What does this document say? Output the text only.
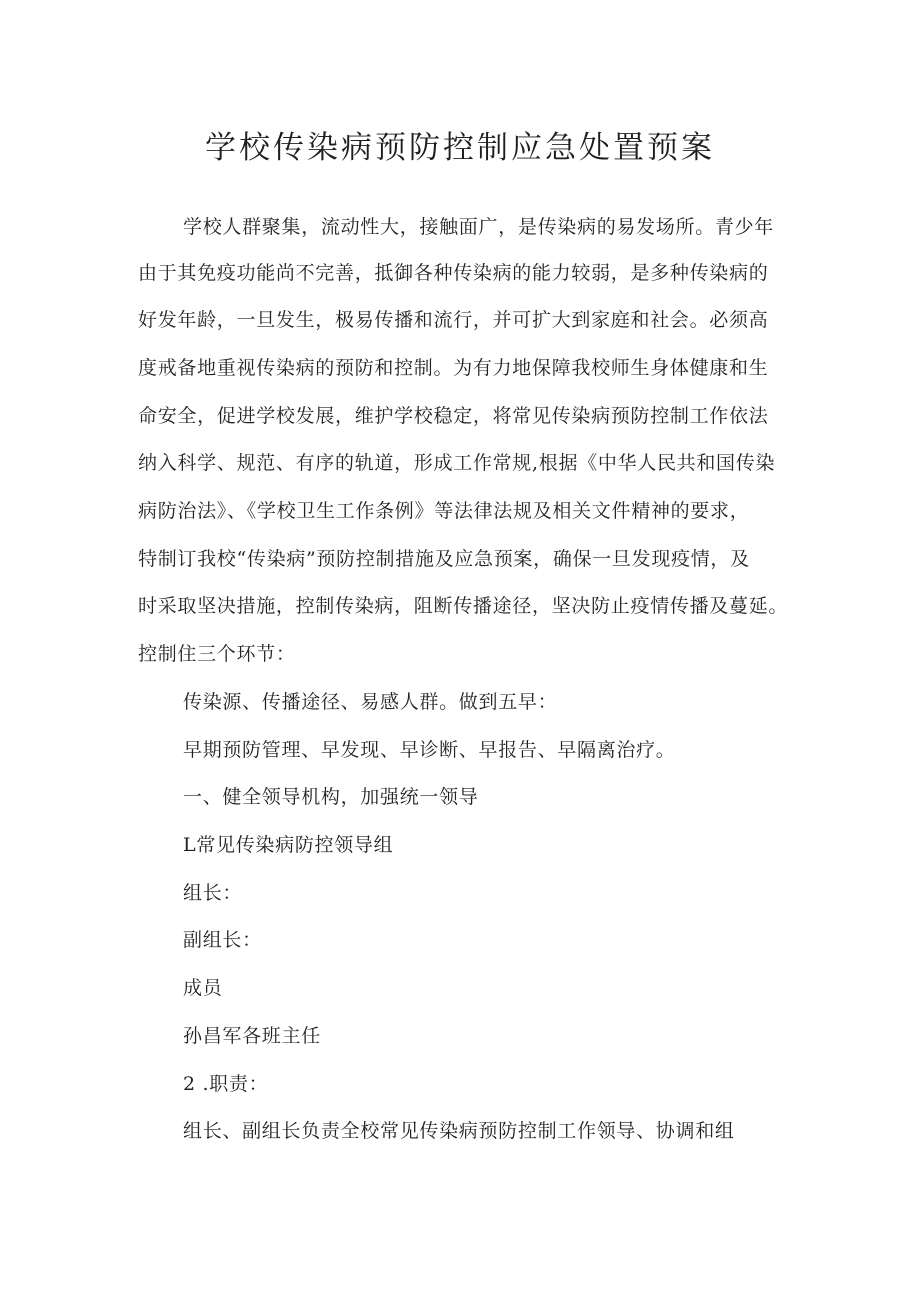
学校传染病预防控制应急处置预案
学校人群聚集，流动性大，接触面广，是传染病的易发场所。青少年
由于其免疫功能尚不完善，抵御各种传染病的能力较弱，是多种传染病的
好发年龄，一旦发生，极易传播和流行，并可扩大到家庭和社会。必须高
度戒备地重视传染病的预防和控制。为有力地保障我校师生身体健康和生
命安全，促进学校发展，维护学校稳定，将常见传染病预防控制工作依法
纳入科学、规范、有序的轨道，形成工作常规,根据《中华人民共和国传染
病防治法》、《学校卫生工作条例》等法律法规及相关文件精神的要求，
特制订我校“传染病”预防控制措施及应急预案，确保一旦发现疫情，及
时采取坚决措施，控制传染病，阻断传播途径，坚决防止疫情传播及蔓延。
控制住三个环节：
传染源、传播途径、易感人群。做到五早：
早期预防管理、早发现、早诊断、早报告、早隔离治疗。
一、健全领导机构，加强统一领导
L常见传染病防控领导组
组长：
副组长：
成员
孙昌军各班主任
2 .职责：
组长、副组长负责全校常见传染病预防控制工作领导、协调和组
